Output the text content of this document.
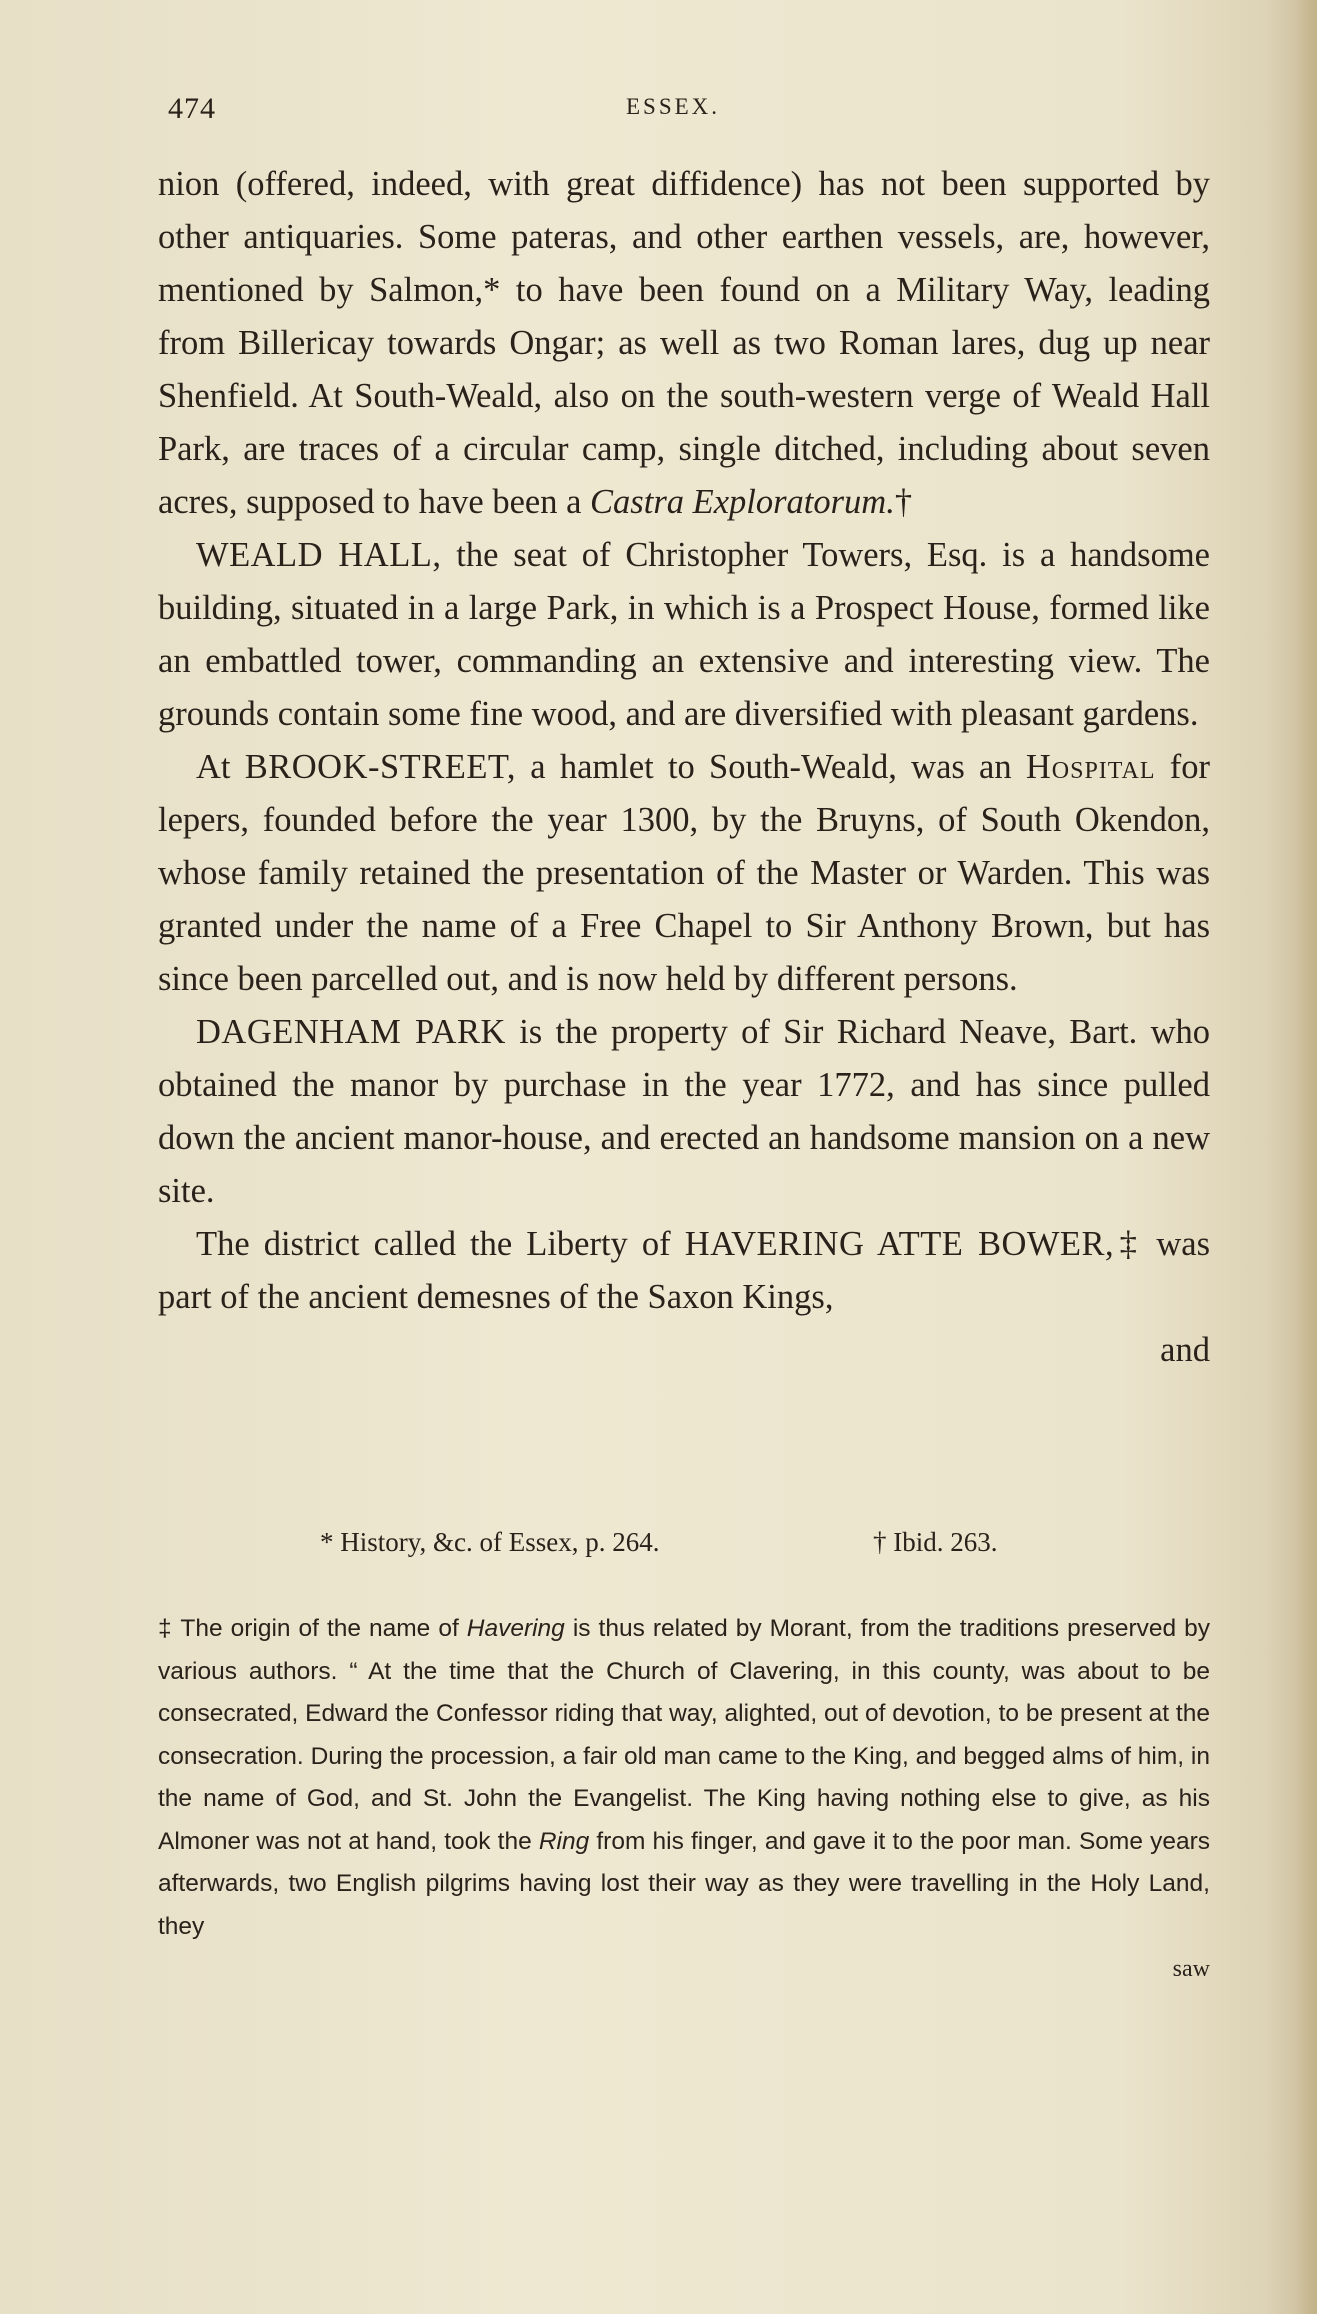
474	ESSEX.

nion (offered, indeed, with great diffidence) has not been supported by other antiquaries. Some pateras, and other earthen vessels, are, however, mentioned by Salmon,* to have been found on a Military Way, leading from Billericay towards Ongar; as well as two Roman lares, dug up near Shenfield. At South-Weald, also on the south-western verge of Weald Hall Park, are traces of a circular camp, single ditched, including about seven acres, supposed to have been a Castra Exploratorum.†

WEALD HALL, the seat of Christopher Towers, Esq. is a handsome building, situated in a large Park, in which is a Prospect House, formed like an embattled tower, commanding an extensive and interesting view. The grounds contain some fine wood, and are diversified with pleasant gardens.

At BROOK-STREET, a hamlet to South-Weald, was an Hospital for lepers, founded before the year 1300, by the Bruyns, of South Okendon, whose family retained the presentation of the Master or Warden. This was granted under the name of a Free Chapel to Sir Anthony Brown, but has since been parcelled out, and is now held by different persons.

DAGENHAM PARK is the property of Sir Richard Neave, Bart. who obtained the manor by purchase in the year 1772, and has since pulled down the ancient manor-house, and erected an handsome mansion on a new site.

The district called the Liberty of HAVERING ATTE BOWER,‡ was part of the ancient demesnes of the Saxon Kings,

and
* History, &c. of Essex, p. 264.	† Ibid. 263.

‡ The origin of the name of Havering is thus related by Morant, from the traditions preserved by various authors. “ At the time that the Church of Clavering, in this county, was about to be consecrated, Edward the Confessor riding that way, alighted, out of devotion, to be present at the consecration. During the procession, a fair old man came to the King, and begged alms of him, in the name of God, and St. John the Evangelist. The King having nothing else to give, as his Almoner was not at hand, took the Ring from his finger, and gave it to the poor man. Some years afterwards, two English pilgrims having lost their way as they were travelling in the Holy Land, they

saw
